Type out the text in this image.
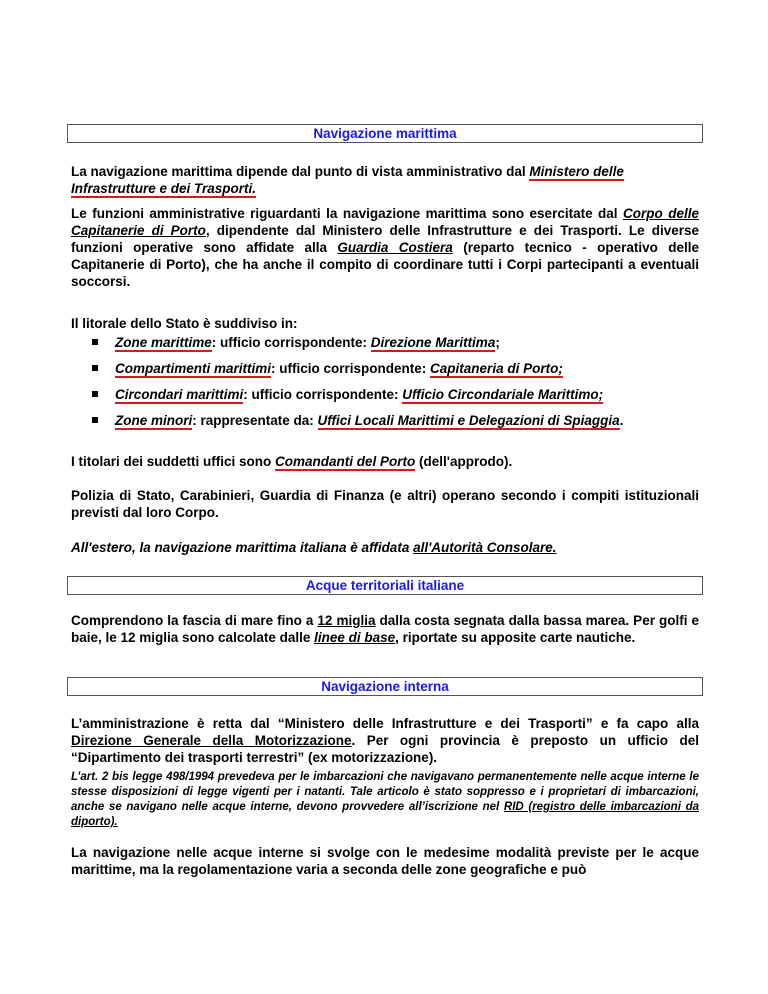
Navigazione marittima

La navigazione marittima dipende dal punto di vista amministrativo dal Ministero delle
Infrastrutture e dei Trasporti.

Le funzioni amministrative riguardanti la navigazione marittima sono esercitate dal Corpo delle Capitanerie di Porto, dipendente dal Ministero delle Infrastrutture e dei Trasporti. Le diverse funzioni operative sono affidate alla Guardia Costiera (reparto tecnico - operativo delle Capitanerie di Porto), che ha anche il compito di coordinare tutti i Corpi partecipanti a eventuali soccorsi.

Il litorale dello Stato è suddiviso in:

Zone marittime: ufficio corrispondente: Direzione Marittima;
Compartimenti marittimi: ufficio corrispondente: Capitaneria di Porto;
Circondari marittimi: ufficio corrispondente: Ufficio Circondariale Marittimo;
Zone minori: rappresentate da: Uffici Locali Marittimi e Delegazioni di Spiaggia.

I titolari dei suddetti uffici sono Comandanti del Porto (dell'approdo).

Polizia di Stato, Carabinieri, Guardia di Finanza (e altri) operano secondo i compiti istituzionali previsti dal loro Corpo.

All'estero, la navigazione marittima italiana è affidata all'Autorità Consolare.

Acque territoriali italiane

Comprendono la fascia di mare fino a 12 miglia dalla costa segnata dalla bassa marea. Per golfi e baie, le 12 miglia sono calcolate dalle linee di base, riportate su apposite carte nautiche.

Navigazione interna

L’amministrazione è retta dal “Ministero delle Infrastrutture e dei Trasporti” e fa capo alla Direzione Generale della Motorizzazione. Per ogni provincia è preposto un ufficio del “Dipartimento dei trasporti terrestri” (ex motorizzazione).

L’art. 2 bis legge 498/1994 prevedeva per le imbarcazioni che navigavano permanentemente nelle acque interne le stesse disposizioni di legge vigenti per i natanti. Tale articolo è stato soppresso e i proprietari di imbarcazioni, anche se navigano nelle acque interne, devono provvedere all’iscrizione nel RID (registro delle imbarcazioni da diporto).

La navigazione nelle acque interne si svolge con le medesime modalità previste per le acque marittime, ma la regolamentazione varia a seconda delle zone geografiche e può
